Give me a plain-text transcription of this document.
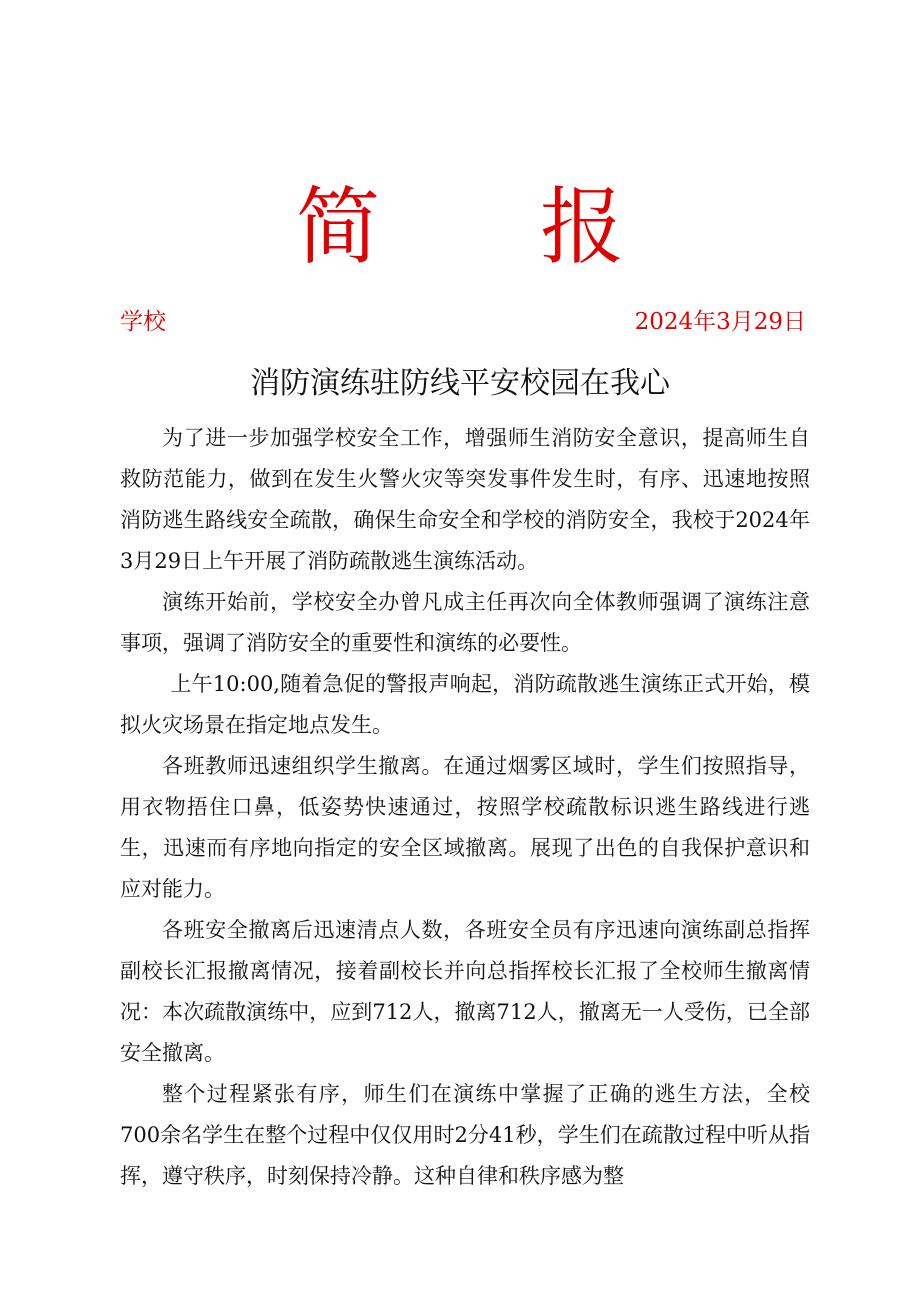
简 报
学校	2024年3月29日
消防演练驻防线平安校园在我心

为了进一步加强学校安全工作，增强师生消防安全意识，提高师生自救防范能力，做到在发生火警火灾等突发事件发生时，有序、迅速地按照消防逃生路线安全疏散，确保生命安全和学校的消防安全，我校于2024年3月29日上午开展了消防疏散逃生演练活动。

演练开始前，学校安全办曾凡成主任再次向全体教师强调了演练注意事项，强调了消防安全的重要性和演练的必要性。

上午10:00,随着急促的警报声响起，消防疏散逃生演练正式开始，模拟火灾场景在指定地点发生。

各班教师迅速组织学生撤离。在通过烟雾区域时，学生们按照指导，用衣物捂住口鼻，低姿势快速通过，按照学校疏散标识逃生路线进行逃生，迅速而有序地向指定的安全区域撤离。展现了出色的自我保护意识和应对能力。

各班安全撤离后迅速清点人数，各班安全员有序迅速向演练副总指挥副校长汇报撤离情况，接着副校长并向总指挥校长汇报了全校师生撤离情况：本次疏散演练中，应到712人，撤离712人，撤离无一人受伤，已全部安全撤离。

整个过程紧张有序，师生们在演练中掌握了正确的逃生方法，全校700余名学生在整个过程中仅仅用时2分41秒，学生们在疏散过程中听从指挥，遵守秩序，时刻保持冷静。这种自律和秩序感为整
